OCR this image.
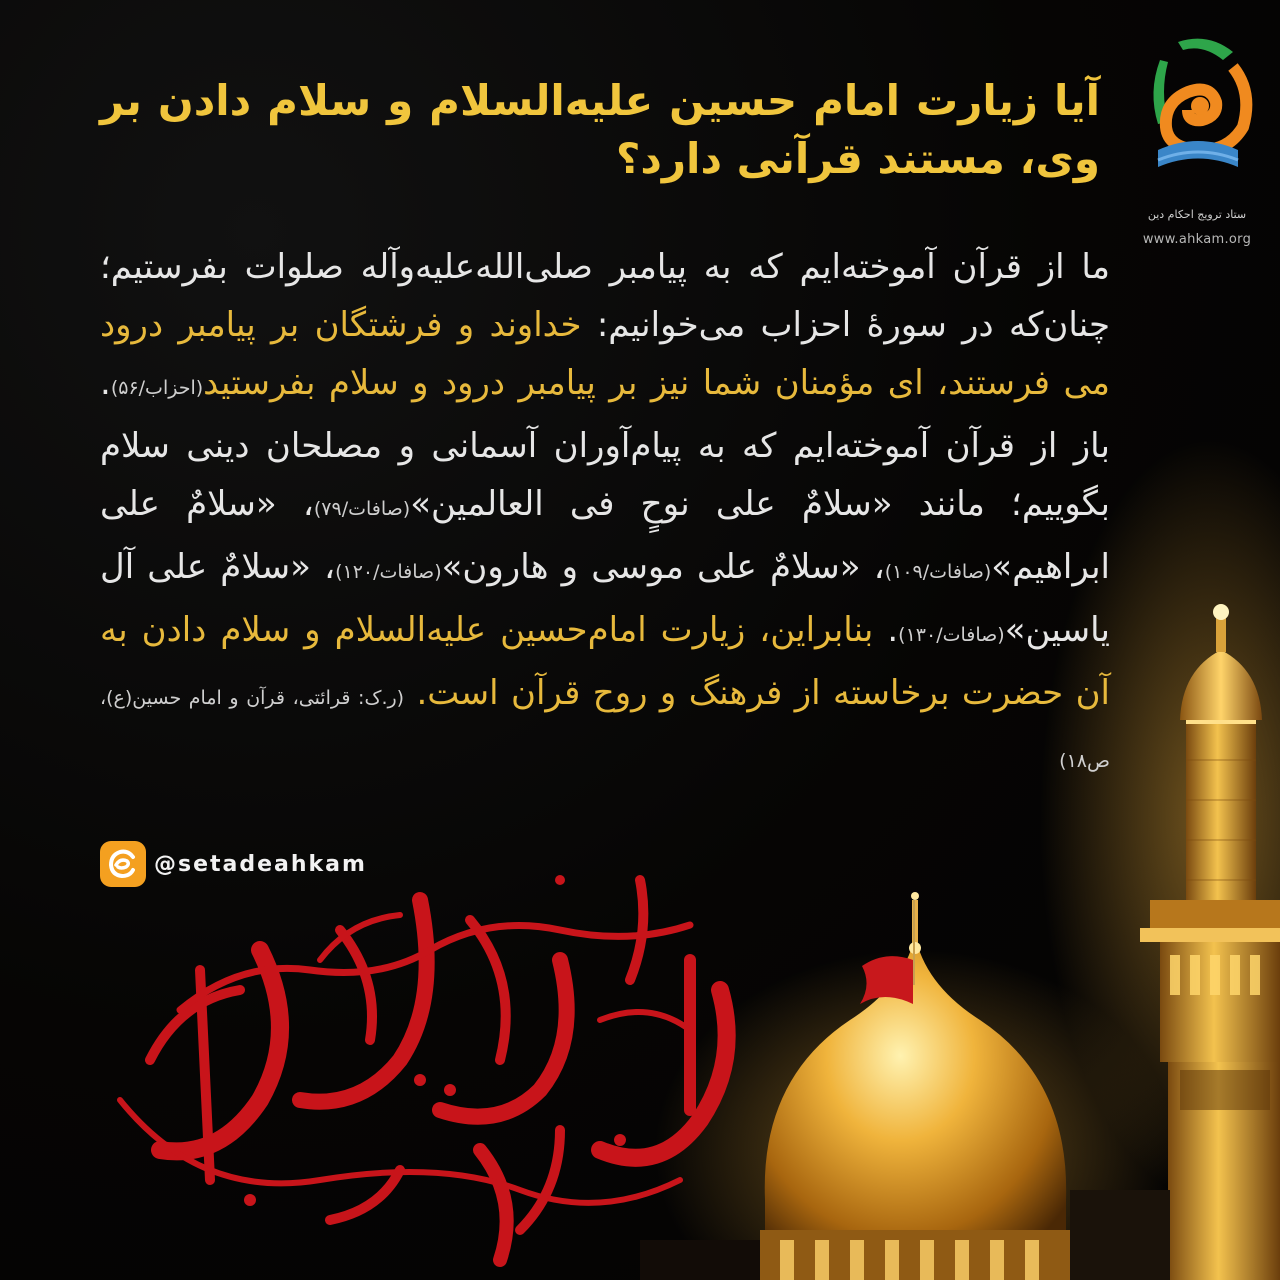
ستاد ترویج احکام دین
www.ahkam.org
آیا زیارت امام حسین علیه‌السلام و سلام دادن بر وی، مستند قرآنی دارد؟
ما از قرآن آموخته‌ایم که به پیامبر صلی‌الله‌علیه‌وآله صلوات بفرستیم؛ چنان‌که در سورۀ احزاب می‌خوانیم: خداوند و فرشتگان بر پیامبر درود می فرستند، ای مؤمنان شما نیز بر پیامبر درود و سلام بفرستید(احزاب/۵۶). باز از قرآن آموخته‌ایم که به پیام‌آوران آسمانی و مصلحان دینی سلام بگوییم؛ مانند «سلامٌ علی نوحٍ فی العالمین»(صافات/۷۹)، «سلامٌ علی ابراهیم»(صافات/۱۰۹)، «سلامٌ علی موسی و هارون»(صافات/۱۲۰)، «سلامٌ علی آل یاسین»(صافات/۱۳۰). بنابراین، زیارت امام‌حسین علیه‌السلام و سلام دادن به آن حضرت برخاسته از فرهنگ و روح قرآن است. (ر.ک: قرائتی، قرآن و امام حسین(ع)، ص۱۸)
@setadeahkam
